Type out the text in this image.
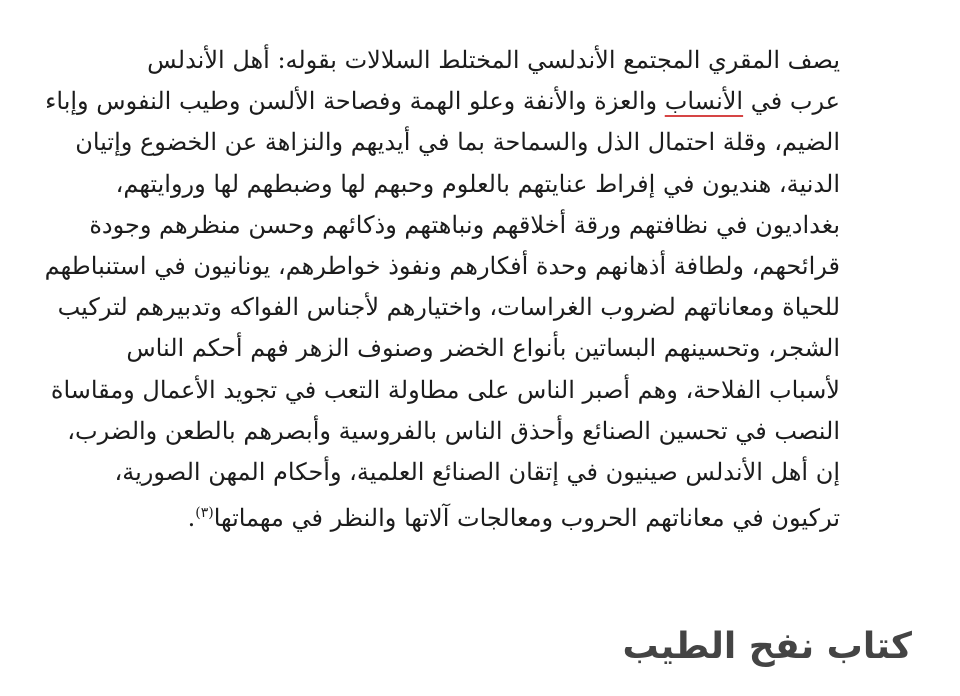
يصف المقري المجتمع الأندلسي المختلط السلالات بقوله: أهل الأندلس
عرب في الأنساب والعزة والأنفة وعلو الهمة وفصاحة الألسن وطيب النفوس وإباء
الضيم، وقلة احتمال الذل والسماحة بما في أيديهم والنزاهة عن الخضوع وإتيان
الدنية، هنديون في إفراط عنايتهم بالعلوم وحبهم لها وضبطهم لها وروايتهم،
بغداديون في نظافتهم ورقة أخلاقهم ونباهتهم وذكائهم وحسن منظرهم وجودة
قرائحهم، ولطافة أذهانهم وحدة أفكارهم ونفوذ خواطرهم، يونانيون في استنباطهم
للحياة ومعاناتهم لضروب الغراسات، واختيارهم لأجناس الفواكه وتدبيرهم لتركيب
الشجر، وتحسينهم البساتين بأنواع الخضر وصنوف الزهر فهم أحكم الناس
لأسباب الفلاحة، وهم أصبر الناس على مطاولة التعب في تجويد الأعمال ومقاساة
النصب في تحسين الصنائع وأحذق الناس بالفروسية وأبصرهم بالطعن والضرب،
إن أهل الأندلس صينيون في إتقان الصنائع العلمية، وأحكام المهن الصورية،
تركيون في معاناتهم الحروب ومعالجات آلاتها والنظر في مهماتها$^{(٣)}$.
كتاب نفح الطيب
